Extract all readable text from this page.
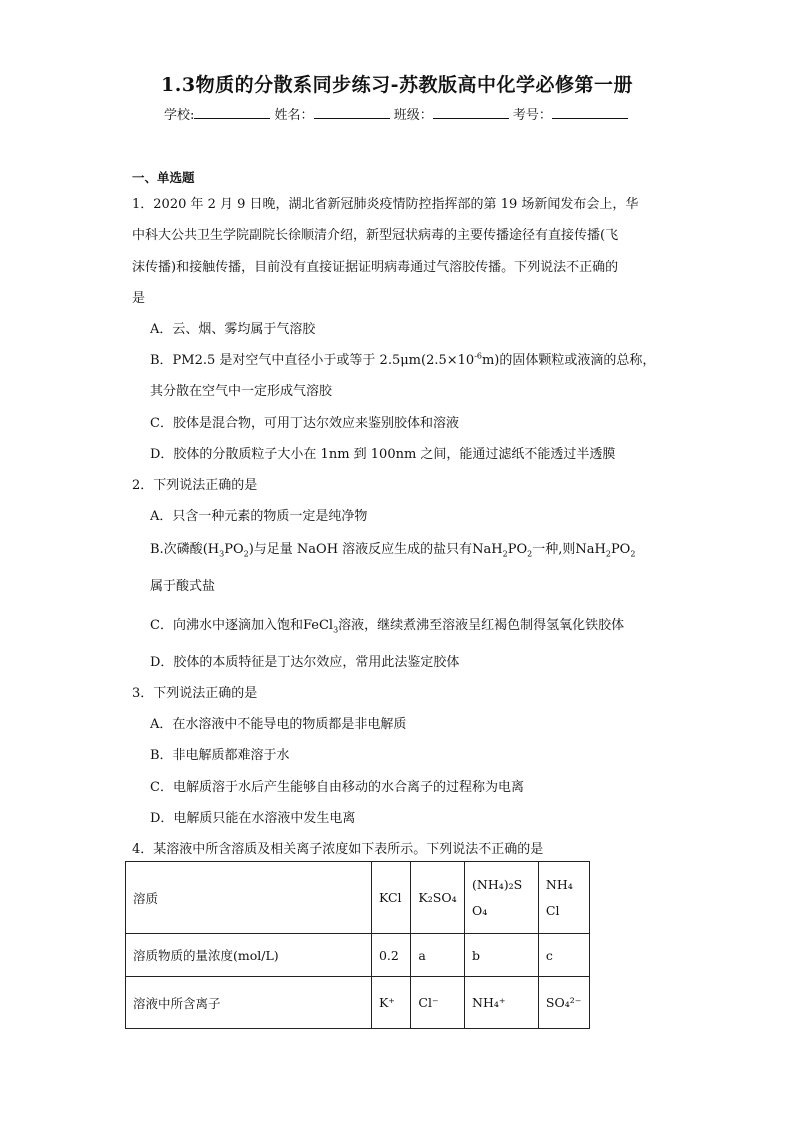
1.3物质的分散系同步练习-苏教版高中化学必修第一册
学校:	姓名：	班级：	考号：
一、单选题
1．2020 年 2 月 9 日晚，湖北省新冠肺炎疫情防控指挥部的第 19 场新闻发布会上，华
中科大公共卫生学院副院长徐顺清介绍，新型冠状病毒的主要传播途径有直接传播(飞
沫传播)和接触传播，目前没有直接证据证明病毒通过气溶胶传播。下列说法不正确的
是
A．云、烟、雾均属于气溶胶
B．PM2.5 是对空气中直径小于或等于 $2.5\mu m(2.5\times 10^{-6}m)$的固体颗粒或液滴的总称，
其分散在空气中一定形成气溶胶
C．胶体是混合物，可用丁达尔效应来鉴别胶体和溶液
D．胶体的分散质粒子大小在 1nm 到 100nm 之间，能通过滤纸不能透过半透膜
2．下列说法正确的是
A．只含一种元素的物质一定是纯净物
B.次磷酸$(H_3PO_2)$与足量 NaOH 溶液反应生成的盐只有$NaH_2PO_2$一种,则$NaH_2PO_2$
属于酸式盐
C．向沸水中逐滴加入饱和FeCl$_3$溶液，继续煮沸至溶液呈红褐色制得氢氧化铁胶体
D．胶体的本质特征是丁达尔效应，常用此法鉴定胶体
3．下列说法正确的是
A．在水溶液中不能导电的物质都是非电解质
B．非电解质都难溶于水
C．电解质溶于水后产生能够自由移动的水合离子的过程称为电离
D．电解质只能在水溶液中发生电离
4．某溶液中所含溶质及相关离子浓度如下表所示。下列说法不正确的是
溶质	KCl	K₂SO₄	(NH₄)₂SO₄	NH₄Cl
溶质物质的量浓度(mol/L)	0.2	a	b	c
溶液中所含离子	K⁺	Cl⁻	NH₄⁺	SO₄²⁻
